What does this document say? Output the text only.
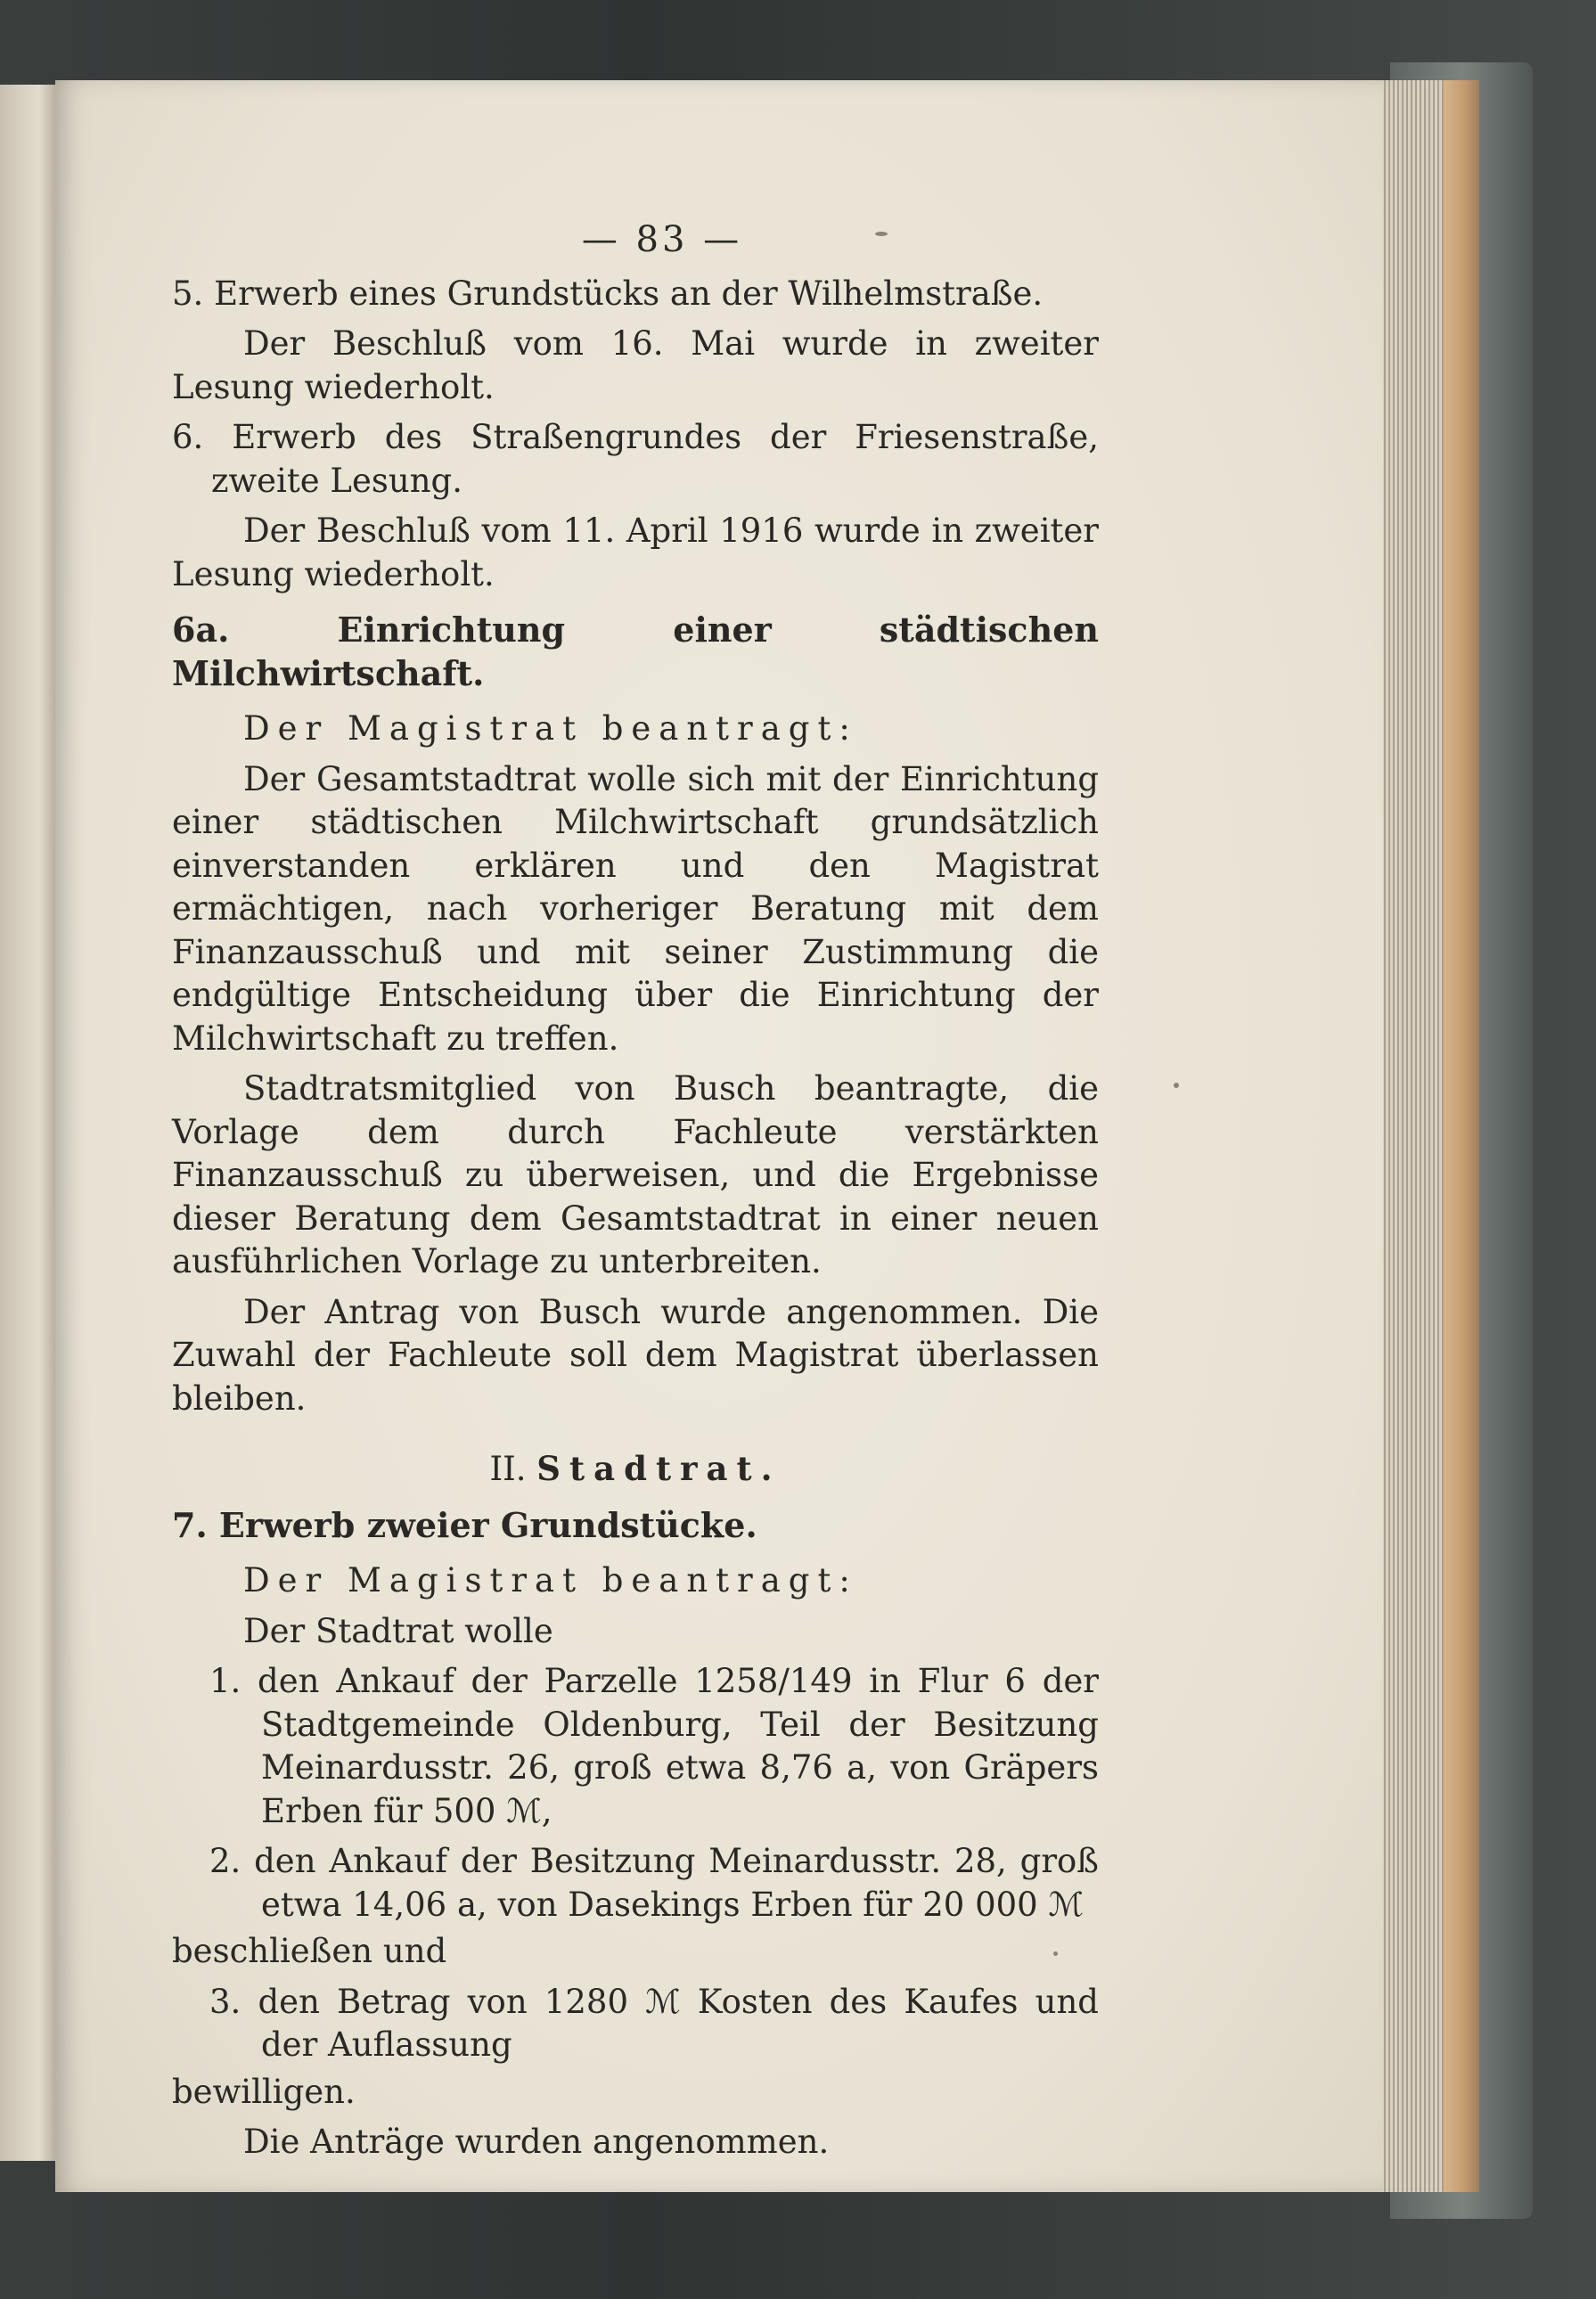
— 83 —

5. Erwerb eines Grundstücks an der Wilhelmstraße.

Der Beschluß vom 16. Mai wurde in zweiter Lesung wiederholt.

6. Erwerb des Straßengrundes der Friesenstraße, zweite Lesung.

Der Beschluß vom 11. April 1916 wurde in zweiter Lesung wiederholt.

6a. Einrichtung einer städtischen Milchwirtschaft.

Der Magistrat beantragt:

Der Gesamtstadtrat wolle sich mit der Einrichtung einer städtischen Milchwirtschaft grundsätzlich einverstanden erklären und den Magistrat ermächtigen, nach vorheriger Beratung mit dem Finanzausschuß und mit seiner Zustimmung die endgültige Entscheidung über die Einrichtung der Milchwirtschaft zu treffen.

Stadtratsmitglied von Busch beantragte, die Vorlage dem durch Fachleute verstärkten Finanzausschuß zu überweisen, und die Ergebnisse dieser Beratung dem Gesamtstadtrat in einer neuen ausführlichen Vorlage zu unterbreiten.

Der Antrag von Busch wurde angenommen. Die Zuwahl der Fachleute soll dem Magistrat überlassen bleiben.

II. Stadtrat.

7. Erwerb zweier Grundstücke.

Der Magistrat beantragt:

Der Stadtrat wolle

1. den Ankauf der Parzelle 1258/149 in Flur 6 der Stadtgemeinde Oldenburg, Teil der Besitzung Meinardusstr. 26, groß etwa 8,76 a, von Gräpers Erben für 500 ℳ,

2. den Ankauf der Besitzung Meinardusstr. 28, groß etwa 14,06 a, von Dasekings Erben für 20 000 ℳ

beschließen und

3. den Betrag von 1280 ℳ Kosten des Kaufes und der Auflassung

bewilligen.

Die Anträge wurden angenommen.
